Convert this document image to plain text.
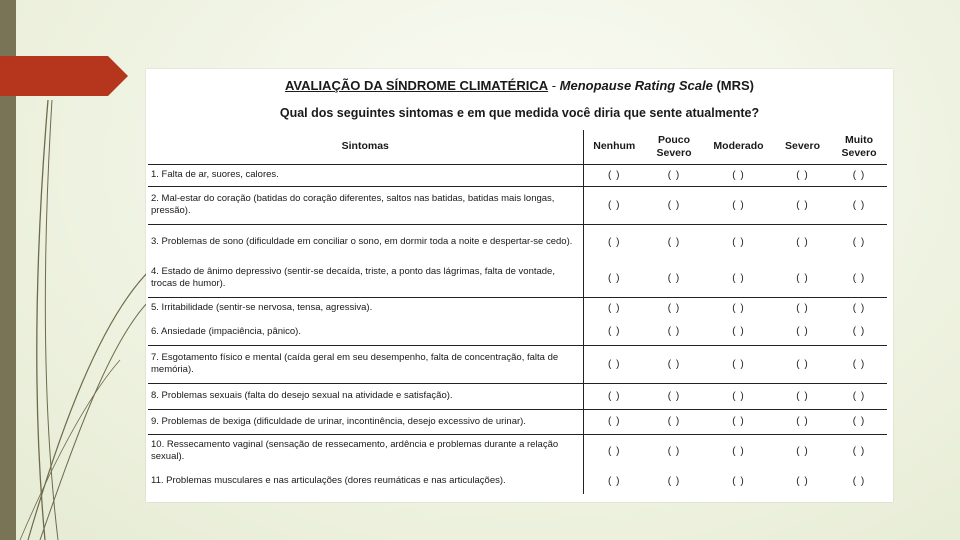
AVALIAÇÃO DA SÍNDROME CLIMATÉRICA - Menopause Rating Scale (MRS)
Qual dos seguintes sintomas e em que medida você diria que sente atualmente?
Sintomas	Nenhum	Pouco Severo	Moderado	Severo	Muito Severo
1. Falta de ar, suores, calores.	( )	( )	( )	( )	( )
2. Mal-estar do coração (batidas do coração diferentes, saltos nas batidas, batidas mais longas, pressão).	( )	( )	( )	( )	( )
3. Problemas de sono (dificuldade em conciliar o sono, em dormir toda a noite e despertar-se cedo).	( )	( )	( )	( )	( )
4. Estado de ânimo depressivo (sentir-se decaída, triste, a ponto das lágrimas, falta de vontade, trocas de humor).	( )	( )	( )	( )	( )
5. Irritabilidade (sentir-se nervosa, tensa, agressiva).	( )	( )	( )	( )	( )
6. Ansiedade (impaciência, pânico).	( )	( )	( )	( )	( )
7. Esgotamento físico e mental (caída geral em seu desempenho, falta de concentração, falta de memória).	( )	( )	( )	( )	( )
8. Problemas sexuais (falta do desejo sexual na atividade e satisfação).	( )	( )	( )	( )	( )
9. Problemas de bexiga (dificuldade de urinar, incontinência, desejo excessivo de urinar).	( )	( )	( )	( )	( )
10. Ressecamento vaginal (sensação de ressecamento, ardência e problemas durante a relação sexual).	( )	( )	( )	( )	( )
11. Problemas musculares e nas articulações (dores reumáticas e nas articulações).	( )	( )	( )	( )	( )
